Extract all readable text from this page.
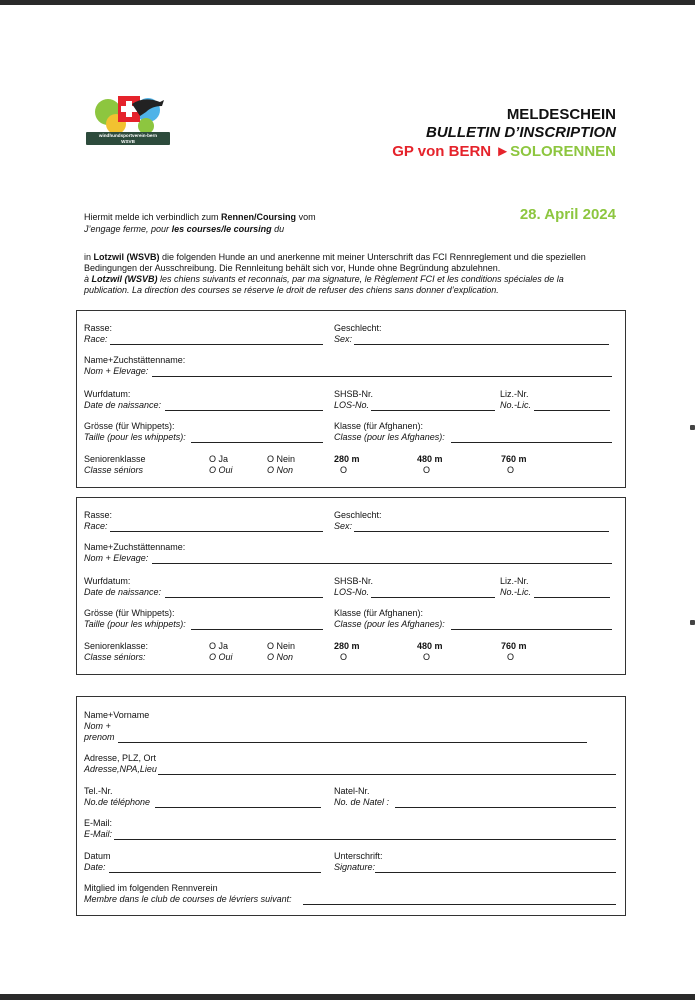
windhundsportverein-bern
WSVB
MELDESCHEIN
BULLETIN D’INSCRIPTION
GP von BERN ►SOLORENNEN
28. April 2024
Hiermit melde ich verbindlich zum Rennen/Coursing vom
J’engage ferme, pour les courses/le coursing du
in Lotzwil (WSVB) die folgenden Hunde an und anerkenne mit meiner Unterschrift das FCI Rennreglement und die speziellen
Bedingungen der Ausschreibung. Die Rennleitung behält sich vor, Hunde ohne Begründung abzulehnen.
à Lotzwil (WSVB) les chiens suivants et reconnais, par ma signature, le Règlement FCI et les conditions spéciales de la
publication. La direction des courses se réserve le droit de refuser des chiens sans donner d’explication.
Rasse:
Race:
Geschlecht:
Sex:
Name+Zuchstättenname:
Nom + Elevage:
Wurfdatum:
Date de naissance:
SHSB-Nr.
LOS-No.
Liz.-Nr.
No.-Lic.
Grösse (für Whippets):
Taille (pour les whippets):
Klasse (für Afghanen):
Classe (pour les Afghanes):
Seniorenklasse
Classe séniors
O Ja
O Oui
O Nein
O Non
280 m
O
480 m
O
760 m
O
Rasse:
Race:
Geschlecht:
Sex:
Name+Zuchstättenname:
Nom + Elevage:
Wurfdatum:
Date de naissance:
SHSB-Nr.
LOS-No.
Liz.-Nr.
No.-Lic.
Grösse (für Whippets):
Taille (pour les whippets):
Klasse (für Afghanen):
Classe (pour les Afghanes):
Seniorenklasse:
Classe séniors:
O Ja
O Oui
O Nein
O Non
280 m
O
480 m
O
760 m
O
Name+Vorname
Nom +
prenom
Adresse, PLZ, Ort
Adresse,NPA,Lieu
Tel.-Nr.
No.de téléphone
Natel-Nr.
No. de Natel :
E-Mail:
E-Mail:
Datum
Date:
Unterschrift:
Signature:
Mitglied im folgenden Rennverein
Membre dans le club de courses de lévriers suivant:
